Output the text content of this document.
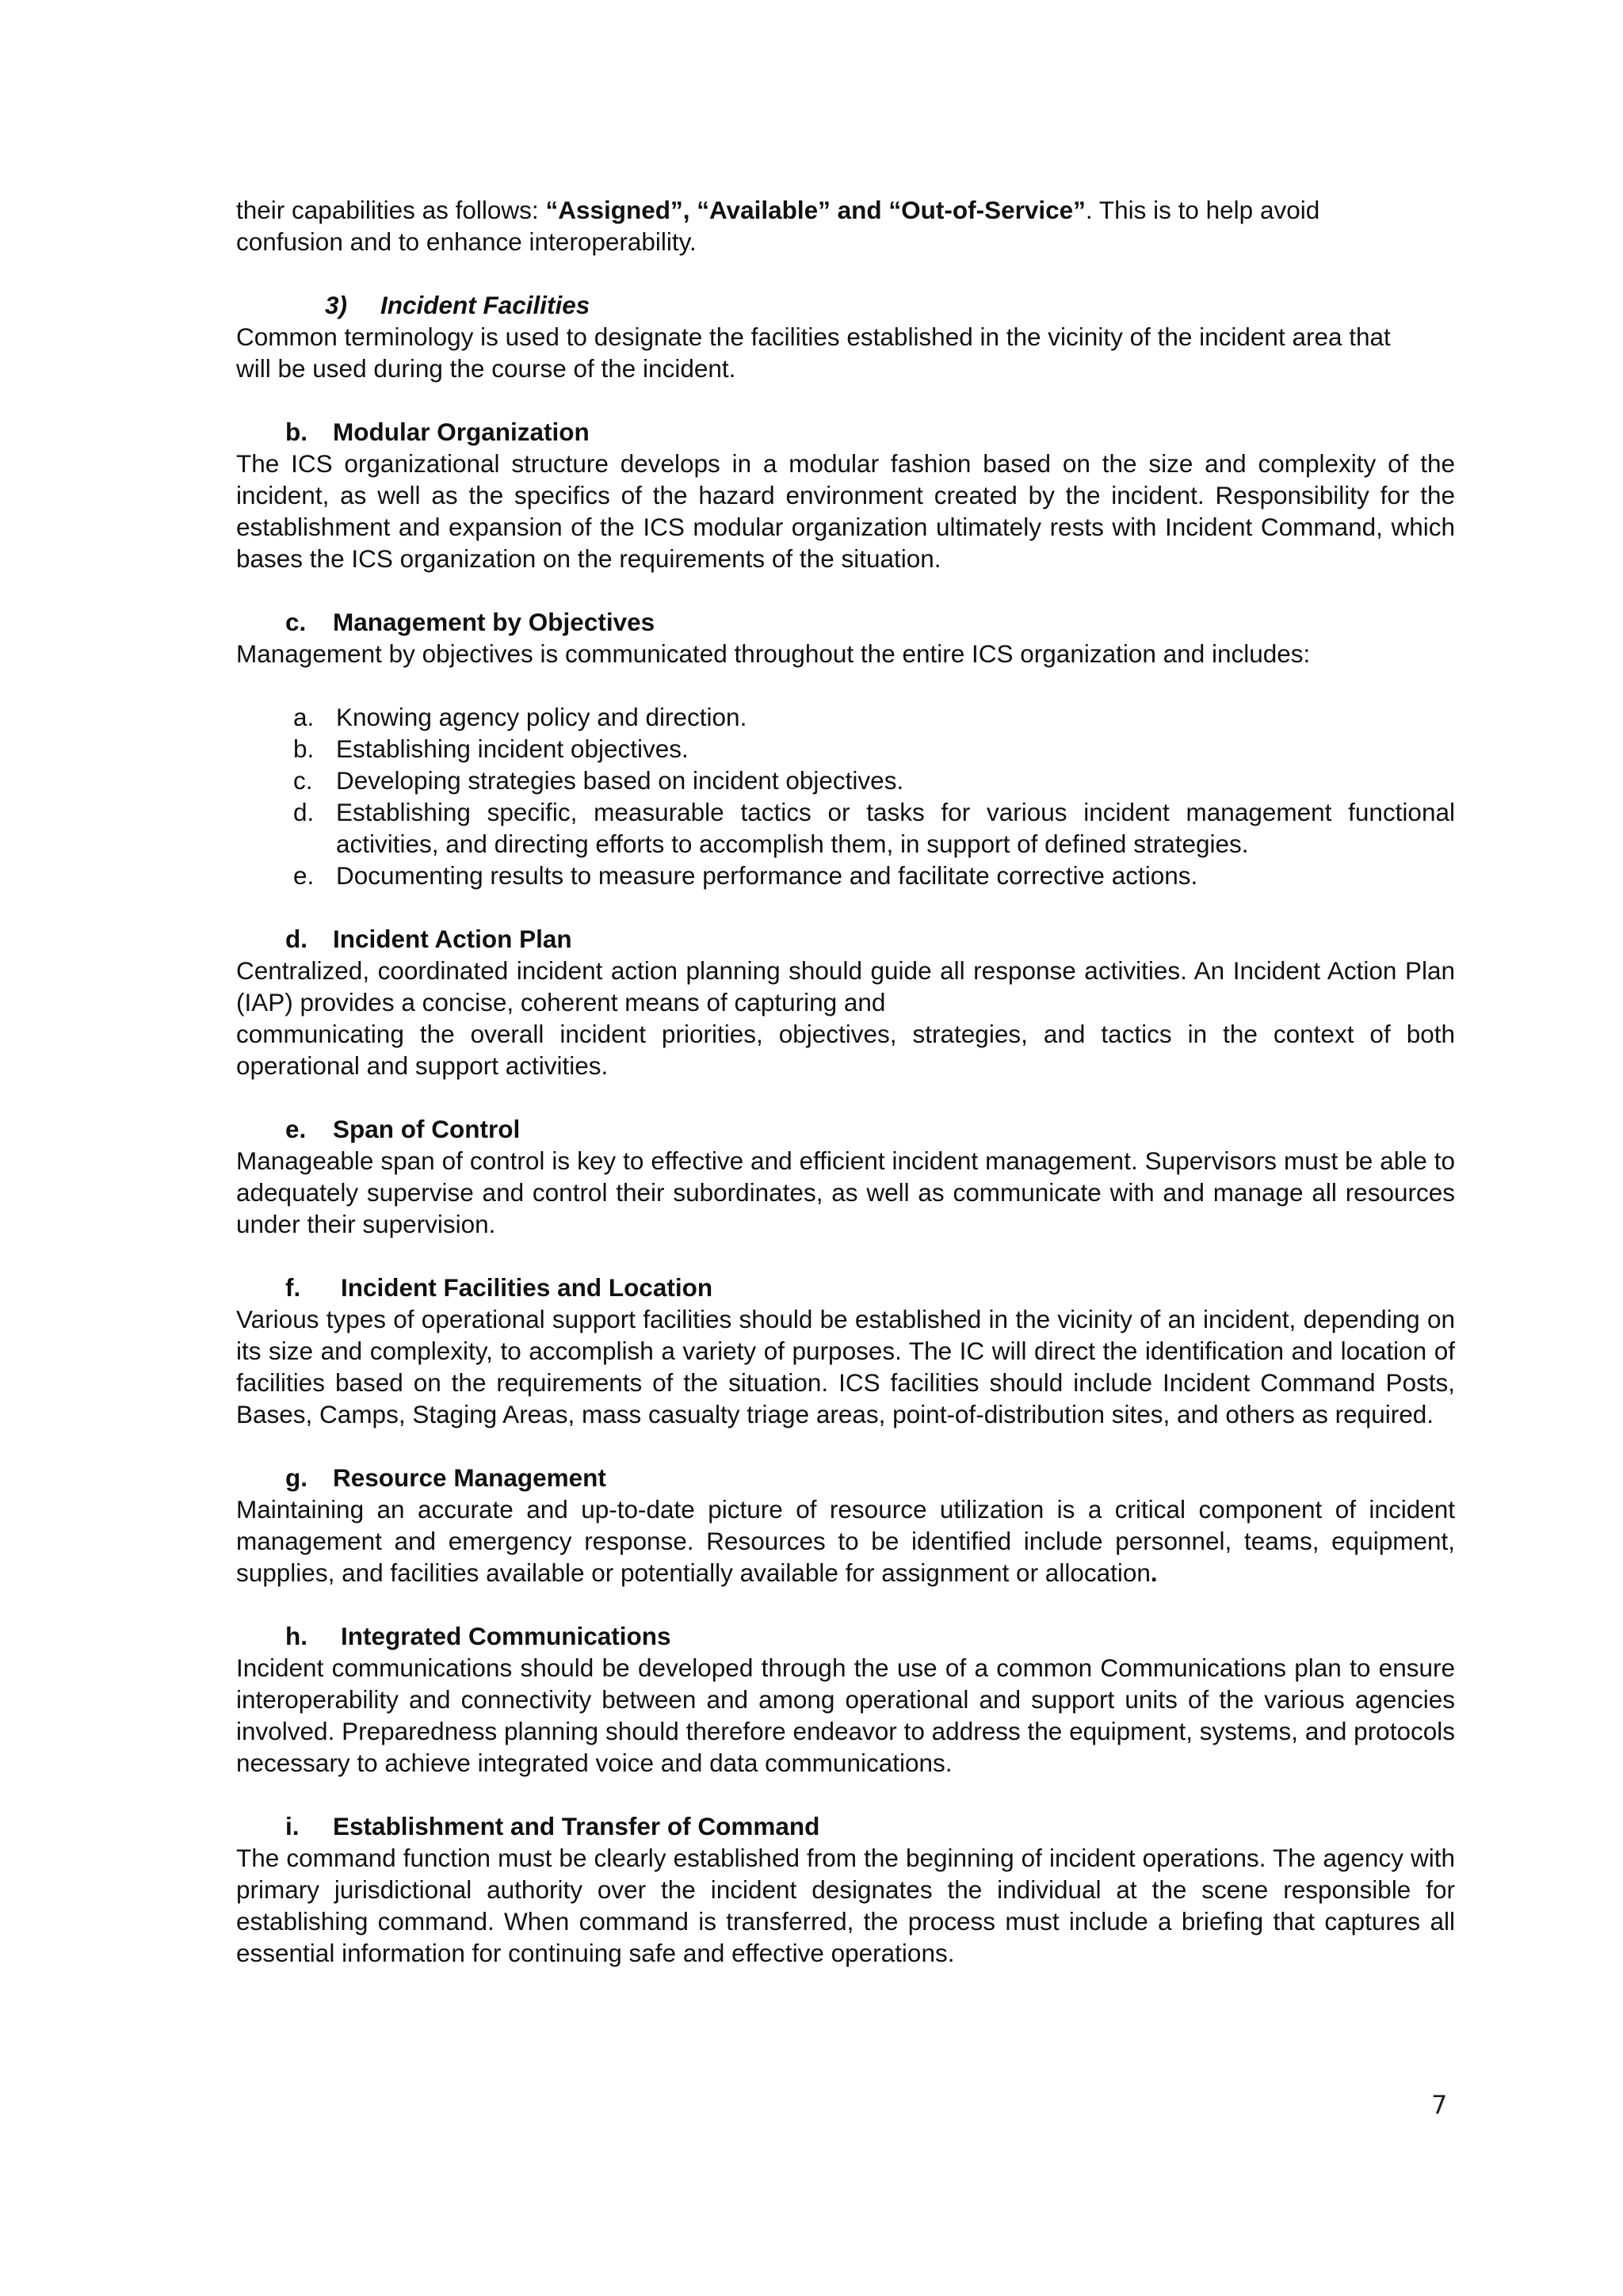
their capabilities as follows: “Assigned”, “Available” and “Out-of-Service”. This is to help avoid
confusion and to enhance interoperability.

3) Incident Facilities

Common terminology is used to designate the facilities established in the vicinity of the incident area that will be used during the course of the incident.

b. Modular Organization

The ICS organizational structure develops in a modular fashion based on the size and complexity of the incident, as well as the specifics of the hazard environment created by the incident. Responsibility for the establishment and expansion of the ICS modular organization ultimately rests with Incident Command, which bases the ICS organization on the requirements of the situation.

c. Management by Objectives

Management by objectives is communicated throughout the entire ICS organization and includes:

a. Knowing agency policy and direction.
b. Establishing incident objectives.
c. Developing strategies based on incident objectives.
d. Establishing specific, measurable tactics or tasks for various incident management functional activities, and directing efforts to accomplish them, in support of defined strategies.
e. Documenting results to measure performance and facilitate corrective actions.
d. Incident Action Plan

Centralized, coordinated incident action planning should guide all response activities. An Incident Action Plan (IAP) provides a concise, coherent means of capturing and

communicating the overall incident priorities, objectives, strategies, and tactics in the context of both operational and support activities.

e. Span of Control

Manageable span of control is key to effective and efficient incident management. Supervisors must be able to adequately supervise and control their subordinates, as well as communicate with and manage all resources under their supervision.

f. Incident Facilities and Location

Various types of operational support facilities should be established in the vicinity of an incident, depending on its size and complexity, to accomplish a variety of purposes. The IC will direct the identification and location of facilities based on the requirements of the situation. ICS facilities should include Incident Command Posts, Bases, Camps, Staging Areas, mass casualty triage areas, point-of-distribution sites, and others as required.

g. Resource Management

Maintaining an accurate and up-to-date picture of resource utilization is a critical component of incident management and emergency response. Resources to be identified include personnel, teams, equipment, supplies, and facilities available or potentially available for assignment or allocation.

h. Integrated Communications

Incident communications should be developed through the use of a common Communications plan to ensure interoperability and connectivity between and among operational and support units of the various agencies involved. Preparedness planning should therefore endeavor to address the equipment, systems, and protocols necessary to achieve integrated voice and data communications.

i. Establishment and Transfer of Command

The command function must be clearly established from the beginning of incident operations. The agency with primary jurisdictional authority over the incident designates the individual at the scene responsible for establishing command. When command is transferred, the process must include a briefing that captures all essential information for continuing safe and effective operations.

7
